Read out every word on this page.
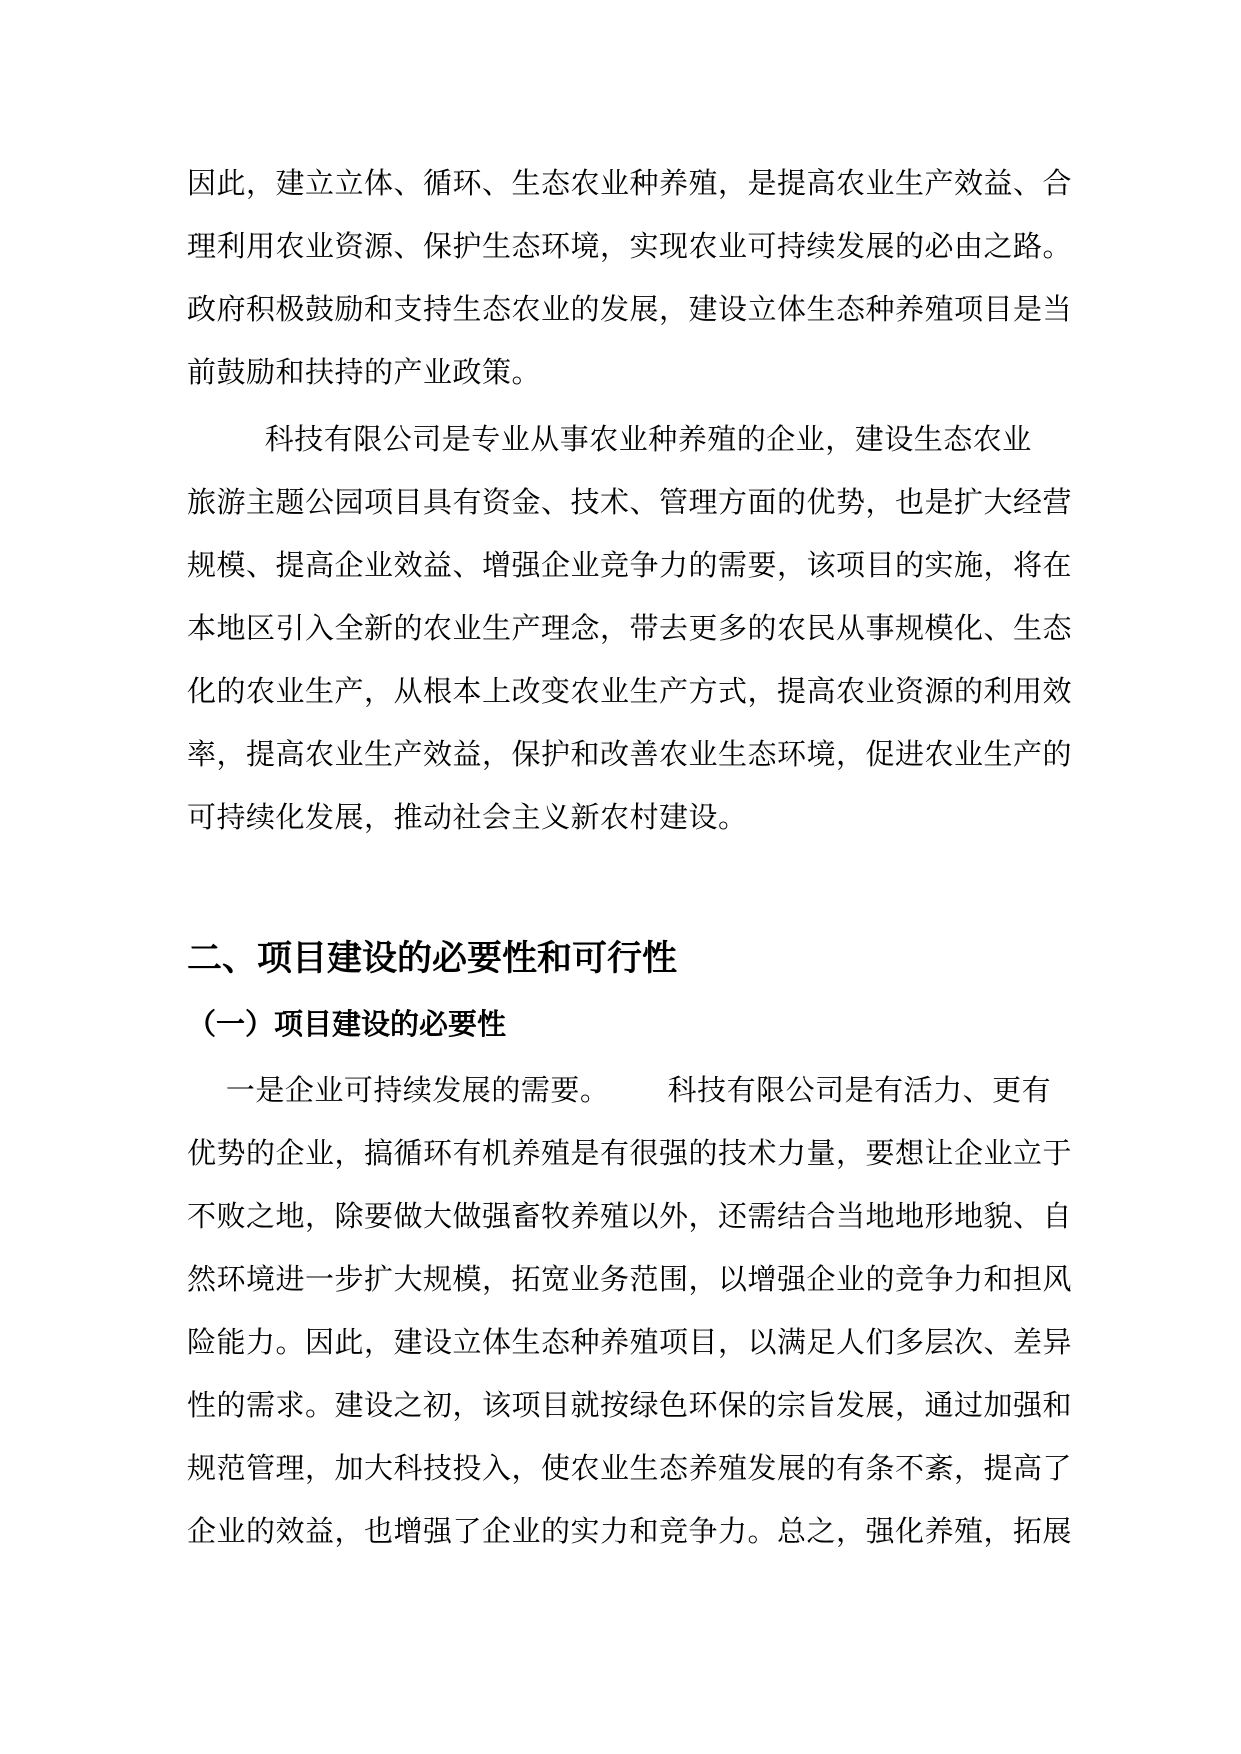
因此，建立立体、循环、生态农业种养殖，是提高农业生产效益、合
理利用农业资源、保护生态环境，实现农业可持续发展的必由之路。
政府积极鼓励和支持生态农业的发展，建设立体生态种养殖项目是当
前鼓励和扶持的产业政策。
科技有限公司是专业从事农业种养殖的企业，建设生态农业
旅游主题公园项目具有资金、技术、管理方面的优势，也是扩大经营
规模、提高企业效益、增强企业竞争力的需要，该项目的实施，将在
本地区引入全新的农业生产理念，带去更多的农民从事规模化、生态
化的农业生产，从根本上改变农业生产方式，提高农业资源的利用效
率，提高农业生产效益，保护和改善农业生态环境，促进农业生产的
可持续化发展，推动社会主义新农村建设。
二、项目建设的必要性和可行性
（一）项目建设的必要性
一是企业可持续发展的需要。      科技有限公司是有活力、更有
优势的企业，搞循环有机养殖是有很强的技术力量，要想让企业立于
不败之地，除要做大做强畜牧养殖以外，还需结合当地地形地貌、自
然环境进一步扩大规模，拓宽业务范围，以增强企业的竞争力和担风
险能力。因此，建设立体生态种养殖项目，以满足人们多层次、差异
性的需求。建设之初，该项目就按绿色环保的宗旨发展，通过加强和
规范管理，加大科技投入，使农业生态养殖发展的有条不紊，提高了
企业的效益，也增强了企业的实力和竞争力。总之，强化养殖，拓展
